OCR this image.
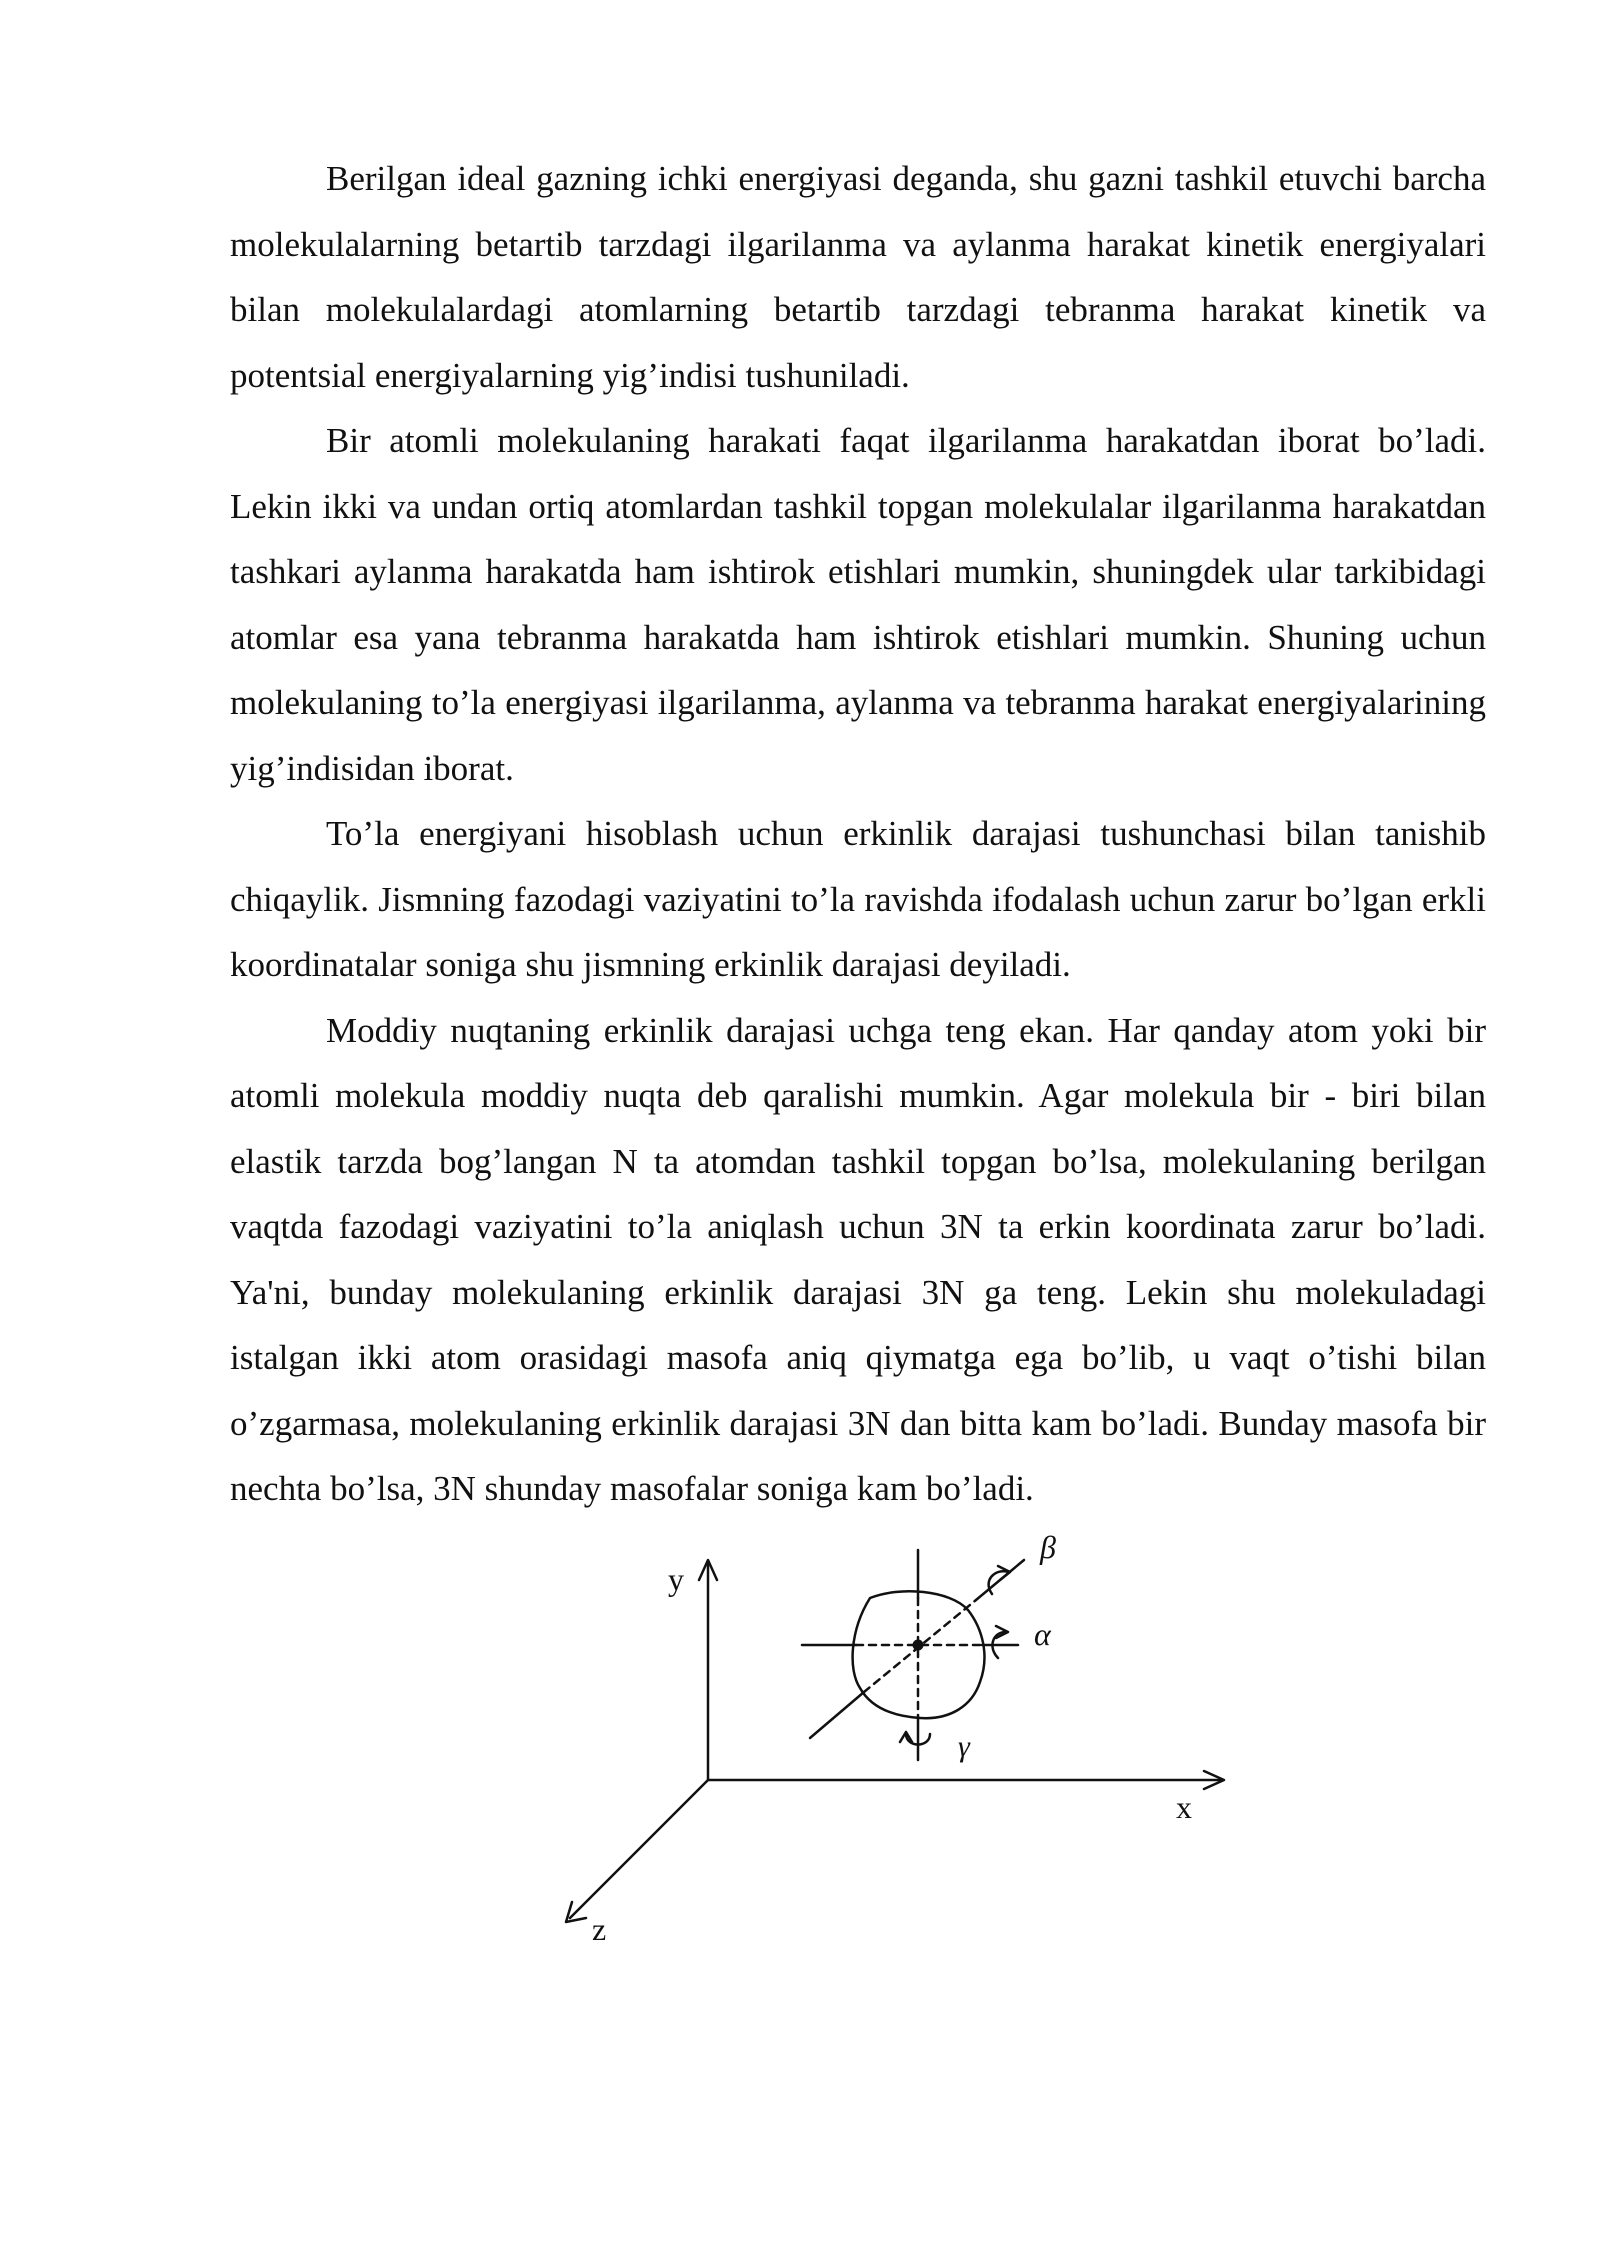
Berilgan ideal gazning ichki energiyasi deganda, shu gazni tashkil etuvchi barcha molekulalarning betartib tarzdagi ilgarilanma va aylanma harakat kinetik energiyalari bilan molekulalardagi atomlarning betartib tarzdagi tebranma harakat kinetik va potentsial energiyalarning yig’indisi tushuniladi.

Bir atomli molekulaning harakati faqat ilgarilanma harakatdan iborat bo’ladi. Lekin ikki va undan ortiq atomlardan tashkil topgan molekulalar ilgarilanma harakatdan tashkari aylanma harakatda ham ishtirok etishlari mumkin, shuningdek ular tarkibidagi atomlar esa yana tebranma harakatda ham ishtirok etishlari mumkin. Shuning uchun molekulaning to’la energiyasi ilgarilanma, aylanma va tebranma harakat energiyalarining yig’indisidan iborat.

To’la energiyani hisoblash uchun erkinlik darajasi tushunchasi bilan tanishib chiqaylik. Jismning fazodagi vaziyatini to’la ravishda ifodalash uchun zarur bo’lgan erkli koordinatalar soniga shu jismning erkinlik darajasi deyiladi.

Moddiy nuqtaning erkinlik darajasi uchga teng ekan. Har qanday atom yoki bir atomli molekula moddiy nuqta deb qaralishi mumkin. Agar molekula bir - biri bilan elastik tarzda bog’langan N ta atomdan tashkil topgan bo’lsa, molekulaning berilgan vaqtda fazodagi vaziyatini to’la aniqlash uchun 3N ta erkin koordinata zarur bo’ladi. Ya'ni, bunday molekulaning erkinlik darajasi 3N ga teng. Lekin shu molekuladagi istalgan ikki atom orasidagi masofa aniq qiymatga ega bo’lib, u vaqt o’tishi bilan o’zgarmasa, molekulaning erkinlik darajasi 3N dan bitta kam bo’ladi. Bunday masofa bir nechta bo’lsa, 3N shunday masofalar soniga kam bo’ladi.

y
x
z
β
α
γ
